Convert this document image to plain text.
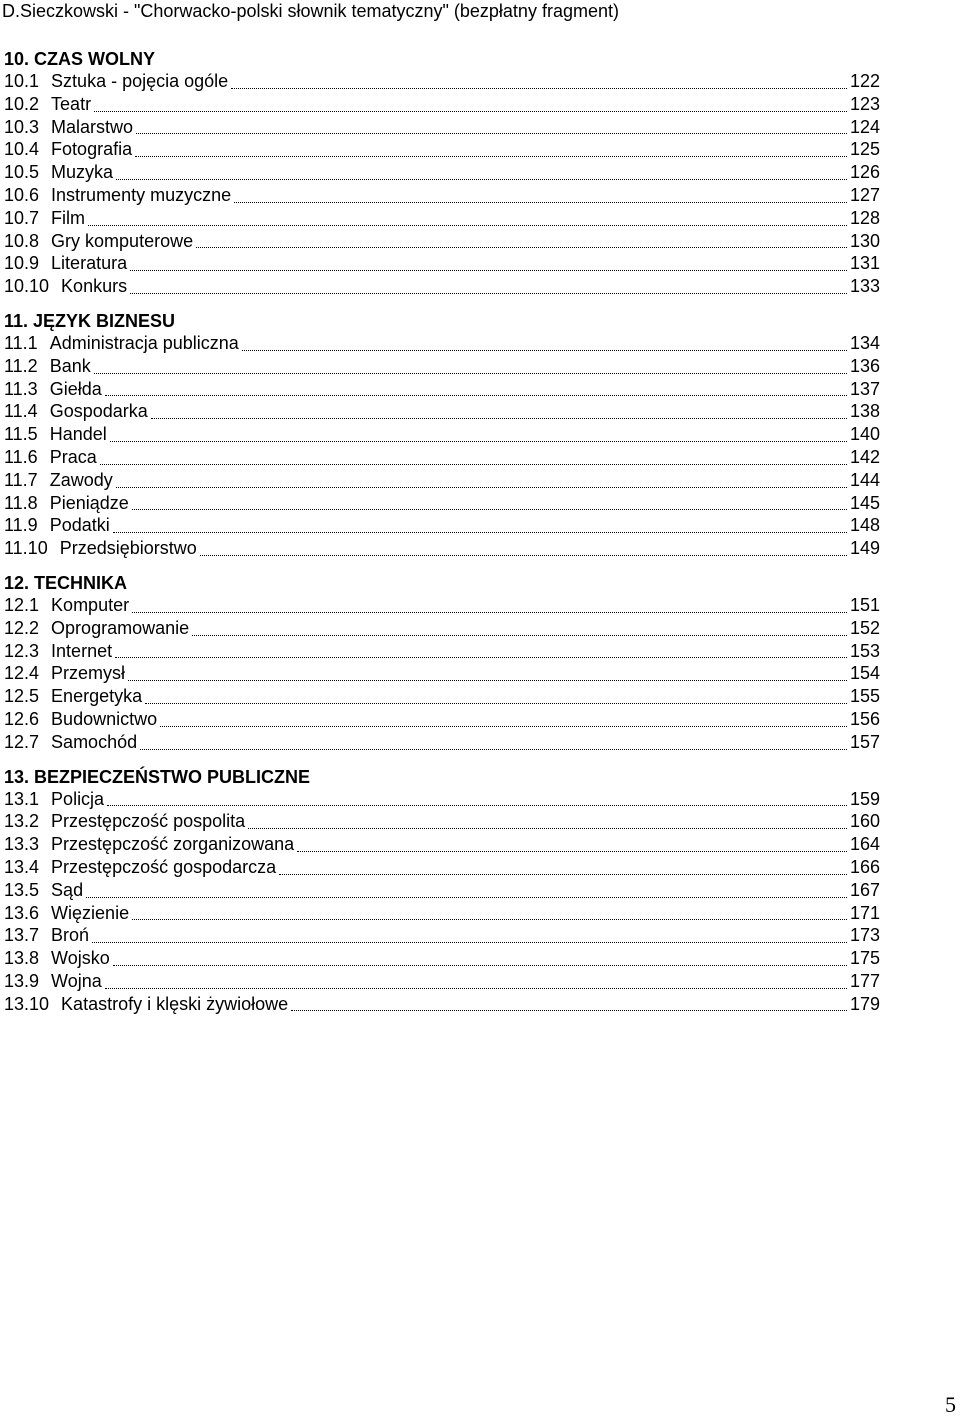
D.Sieczkowski - "Chorwacko-polski słownik tematyczny" (bezpłatny fragment)
10. CZAS WOLNY
10.1 Sztuka - pojęcia ogóle	122
10.2 Teatr	123
10.3 Malarstwo	124
10.4 Fotografia	125
10.5 Muzyka	126
10.6 Instrumenty muzyczne	127
10.7 Film	128
10.8 Gry komputerowe	130
10.9 Literatura	131
10.10 Konkurs	133
11. JĘZYK BIZNESU
11.1 Administracja publiczna	134
11.2 Bank	136
11.3 Giełda	137
11.4 Gospodarka	138
11.5 Handel	140
11.6 Praca	142
11.7 Zawody	144
11.8 Pieniądze	145
11.9 Podatki	148
11.10 Przedsiębiorstwo	149
12. TECHNIKA
12.1 Komputer	151
12.2 Oprogramowanie	152
12.3 Internet	153
12.4 Przemysł	154
12.5 Energetyka	155
12.6 Budownictwo	156
12.7 Samochód	157
13. BEZPIECZEŃSTWO PUBLICZNE
13.1 Policja	159
13.2 Przestępczość pospolita	160
13.3 Przestępczość zorganizowana	164
13.4 Przestępczość gospodarcza	166
13.5 Sąd	167
13.6 Więzienie	171
13.7 Broń	173
13.8 Wojsko	175
13.9 Wojna	177
13.10 Katastrofy i klęski żywiołowe	179
5
